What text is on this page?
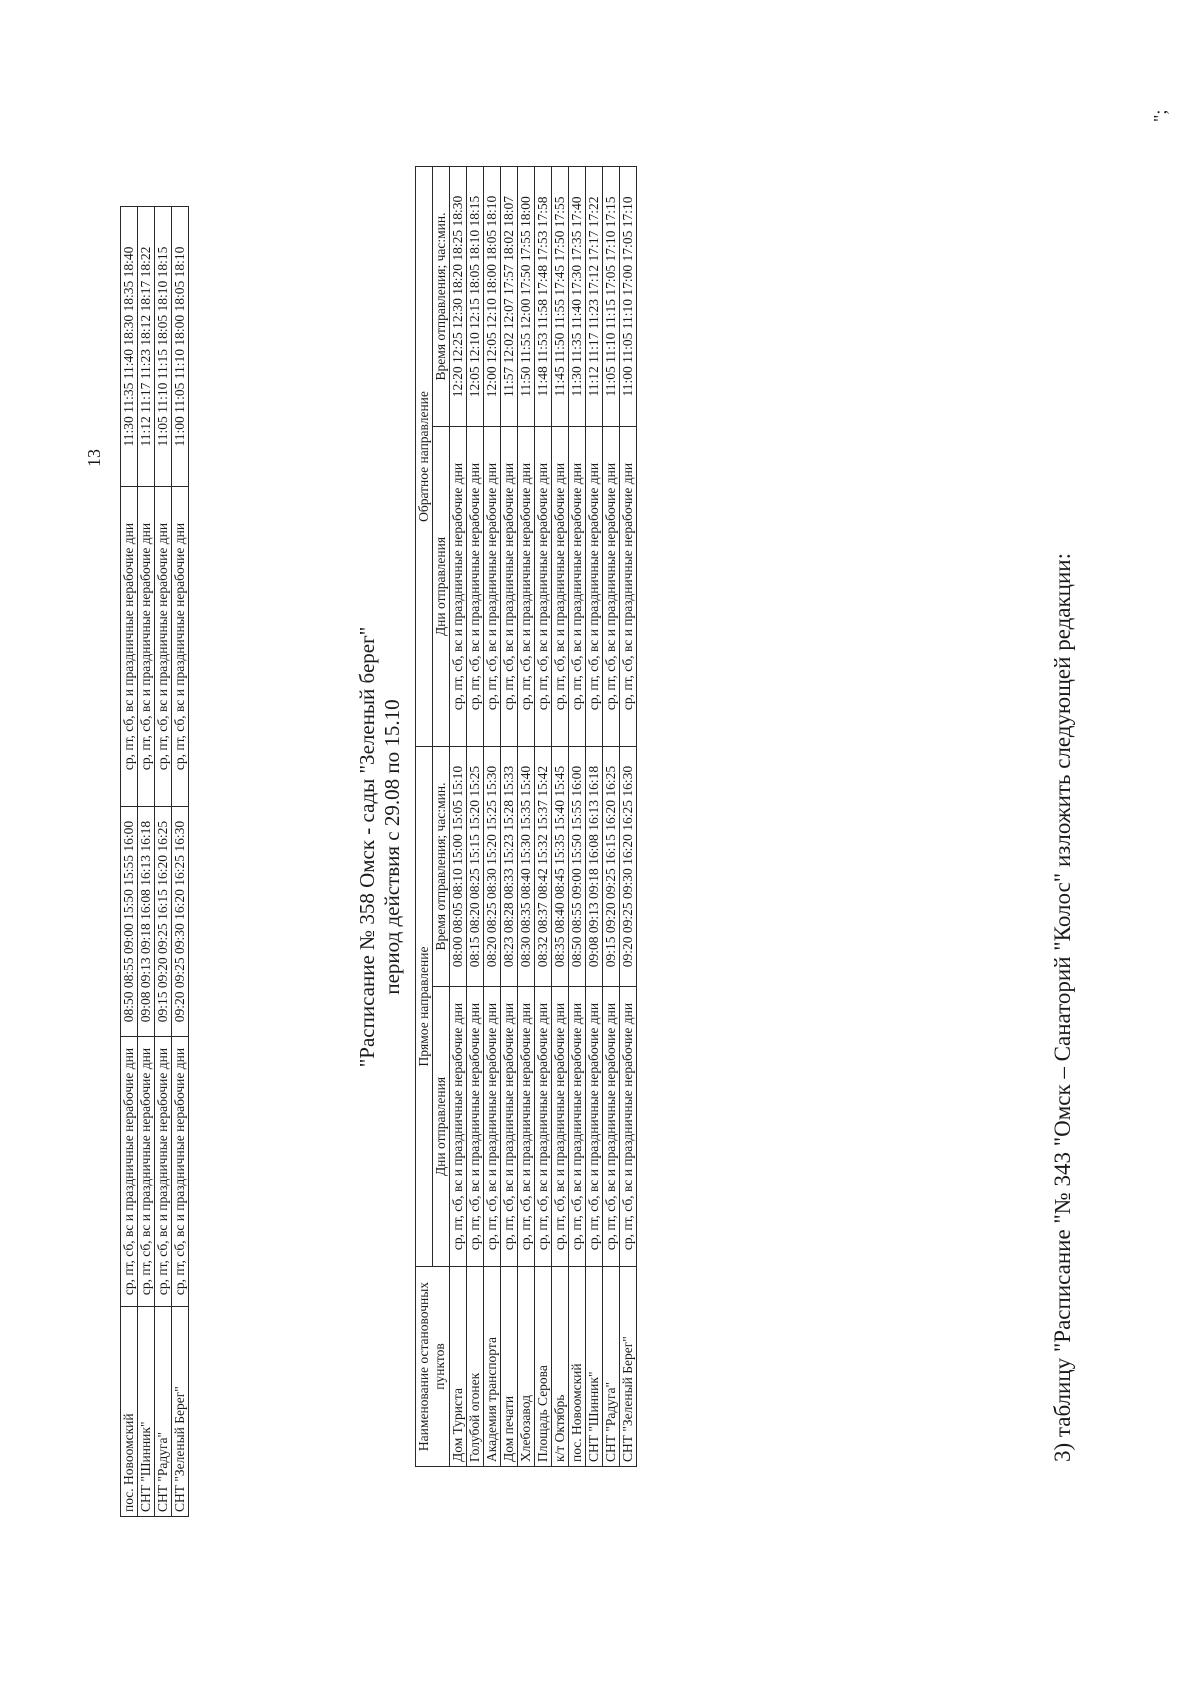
13
пос. Новоомский	ср, пт, сб, вс и праздничные нерабочие дни	08:50 08:55 09:00 15:50 15:55 16:00	ср, пт, сб, вс и праздничные нерабочие дни	11:30 11:35 11:40 18:30 18:35 18:40
СНТ "Шинник"	ср, пт, сб, вс и праздничные нерабочие дни	09:08 09:13 09:18 16:08 16:13 16:18	ср, пт, сб, вс и праздничные нерабочие дни	11:12 11:17 11:23 18:12 18:17 18:22
СНТ "Радуга"	ср, пт, сб, вс и праздничные нерабочие дни	09:15 09:20 09:25 16:15 16:20 16:25	ср, пт, сб, вс и праздничные нерабочие дни	11:05 11:10 11:15 18:05 18:10 18:15
СНТ "Зеленый Берег"	ср, пт, сб, вс и праздничные нерабочие дни	09:20 09:25 09:30 16:20 16:25 16:30	ср, пт, сб, вс и праздничные нерабочие дни	11:00 11:05 11:10 18:00 18:05 18:10
"Расписание № 358 Омск - сады "Зеленый берег" период действия с 29.08 по 15.10
Наименование остановочных пунктов	Прямое направление		Обратное направление	
	Дни отправления	Время отправления; час:мин.	Дни отправления	Время отправления; час:мин.
Дом Туриста	ср, пт, сб, вс и праздничные нерабочие дни	08:00 08:05 08:10 15:00 15:05 15:10	ср, пт, сб, вс и праздничные нерабочие дни	12:20 12:25 12:30 18:20 18:25 18:30
Голубой огонек	ср, пт, сб, вс и праздничные нерабочие дни	08:15 08:20 08:25 15:15 15:20 15:25	ср, пт, сб, вс и праздничные нерабочие дни	12:05 12:10 12:15 18:05 18:10 18:15
Академия транспорта	ср, пт, сб, вс и праздничные нерабочие дни	08:20 08:25 08:30 15:20 15:25 15:30	ср, пт, сб, вс и праздничные нерабочие дни	12:00 12:05 12:10 18:00 18:05 18:10
Дом печати	ср, пт, сб, вс и праздничные нерабочие дни	08:23 08:28 08:33 15:23 15:28 15:33	ср, пт, сб, вс и праздничные нерабочие дни	11:57 12:02 12:07 17:57 18:02 18:07
Хлебозавод	ср, пт, сб, вс и праздничные нерабочие дни	08:30 08:35 08:40 15:30 15:35 15:40	ср, пт, сб, вс и праздничные нерабочие дни	11:50 11:55 12:00 17:50 17:55 18:00
Площадь Серова	ср, пт, сб, вс и праздничные нерабочие дни	08:32 08:37 08:42 15:32 15:37 15:42	ср, пт, сб, вс и праздничные нерабочие дни	11:48 11:53 11:58 17:48 17:53 17:58
к/т Октябрь	ср, пт, сб, вс и праздничные нерабочие дни	08:35 08:40 08:45 15:35 15:40 15:45	ср, пт, сб, вс и праздничные нерабочие дни	11:45 11:50 11:55 17:45 17:50 17:55
пос. Новоомский	ср, пт, сб, вс и праздничные нерабочие дни	08:50 08:55 09:00 15:50 15:55 16:00	ср, пт, сб, вс и праздничные нерабочие дни	11:30 11:35 11:40 17:30 17:35 17:40
СНТ "Шинник"	ср, пт, сб, вс и праздничные нерабочие дни	09:08 09:13 09:18 16:08 16:13 16:18	ср, пт, сб, вс и праздничные нерабочие дни	11:12 11:17 11:23 17:12 17:17 17:22
СНТ "Радуга"	ср, пт, сб, вс и праздничные нерабочие дни	09:15 09:20 09:25 16:15 16:20 16:25	ср, пт, сб, вс и праздничные нерабочие дни	11:05 11:10 11:15 17:05 17:10 17:15
СНТ "Зеленый Берег"	ср, пт, сб, вс и праздничные нерабочие дни	09:20 09:25 09:30 16:20 16:25 16:30	ср, пт, сб, вс и праздничные нерабочие дни	11:00 11:05 11:10 17:00 17:05 17:10
3) таблицу "Расписание "№ 343 "Омск – Санаторий "Колос" изложить следующей редакции:
";
